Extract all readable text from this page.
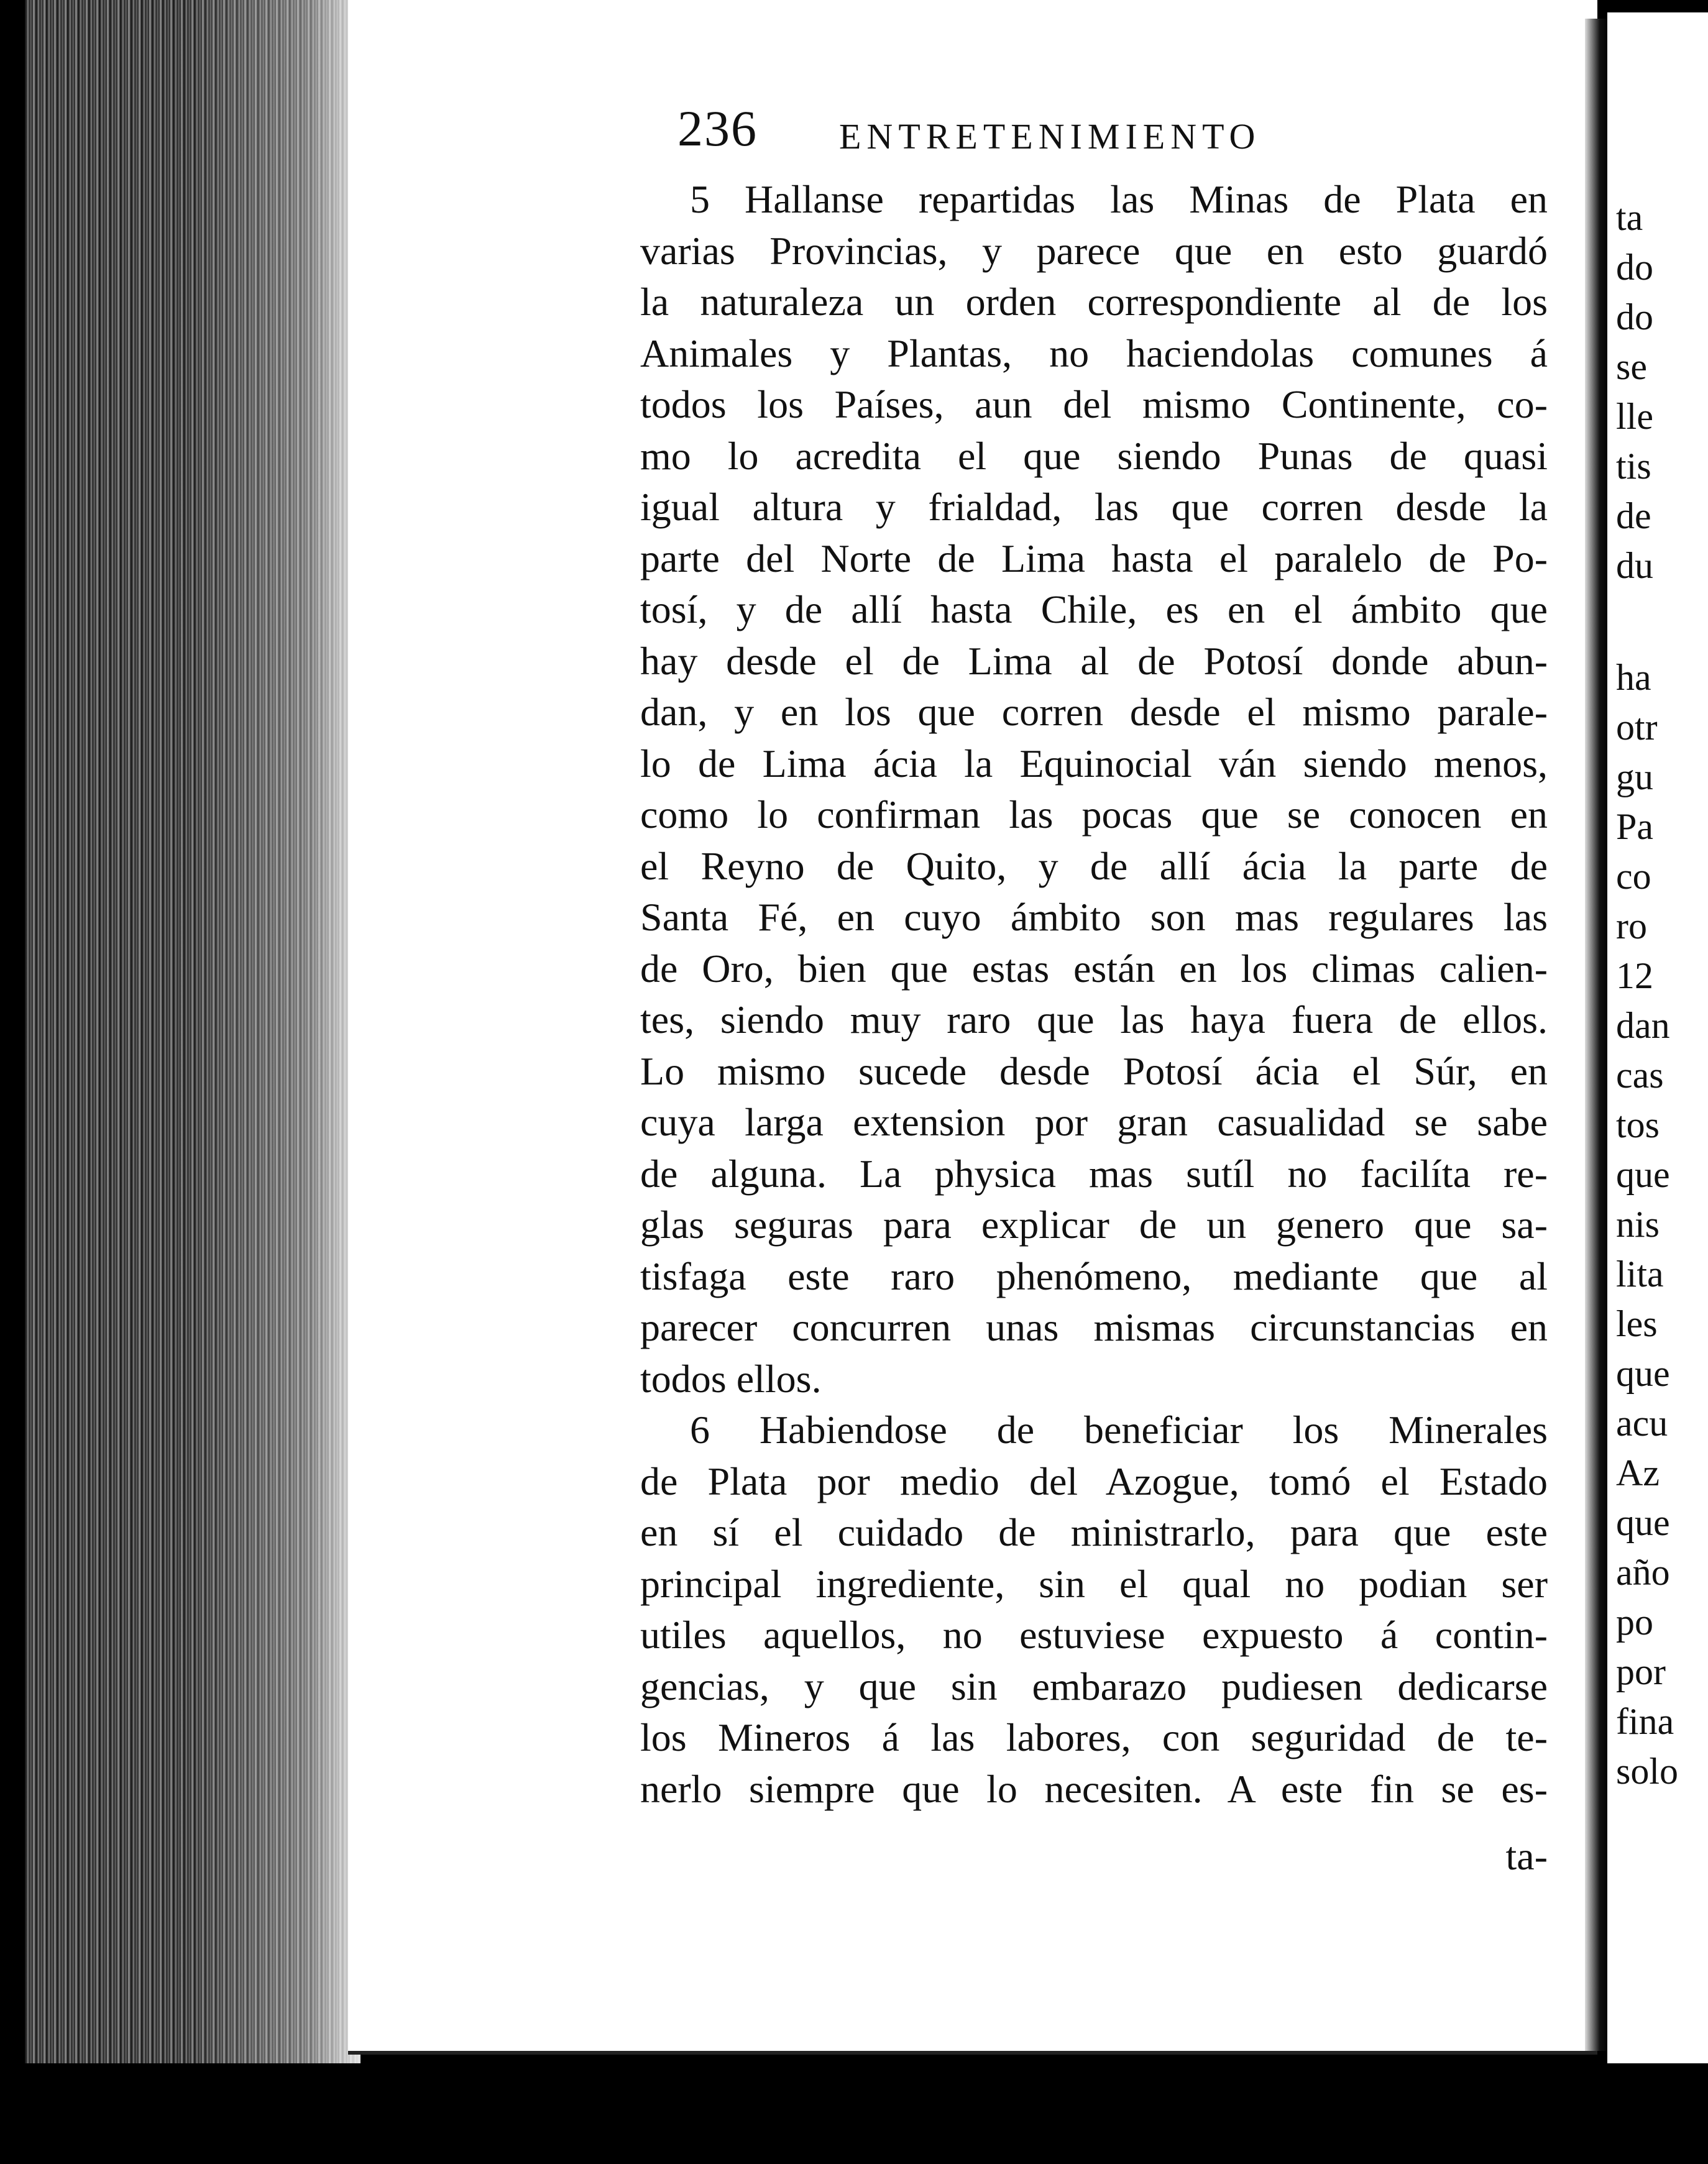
ta
do
do
se
lle
tis
de
du
ha
otr
gu
Pa
co
ro
12
dan
cas
tos
que
nis
lita
les
que
acu
Az
que
año
po
por
fina
solo
236 ENTRETENIMIENTO
5 Hallanse repartidas las Minas de Plata en
varias Provincias, y parece que en esto guardó
la naturaleza un orden correspondiente al de los
Animales y Plantas, no haciendolas comunes á
todos los Países, aun del mismo Continente, co-
mo lo acredita el que siendo Punas de quasi
igual altura y frialdad, las que corren desde la
parte del Norte de Lima hasta el paralelo de Po-
tosí, y de allí hasta Chile, es en el ámbito que
hay desde el de Lima al de Potosí donde abun-
dan, y en los que corren desde el mismo parale-
lo de Lima ácia la Equinocial ván siendo menos,
como lo confirman las pocas que se conocen en
el Reyno de Quito, y de allí ácia la parte de
Santa Fé, en cuyo ámbito son mas regulares las
de Oro, bien que estas están en los climas calien-
tes, siendo muy raro que las haya fuera de ellos.
Lo mismo sucede desde Potosí ácia el Súr, en
cuya larga extension por gran casualidad se sabe
de alguna. La physica mas sutíl no facilíta re-
glas seguras para explicar de un genero que sa-
tisfaga este raro phenómeno, mediante que al
parecer concurren unas mismas circunstancias en
todos ellos.
6 Habiendose de beneficiar los Minerales
de Plata por medio del Azogue, tomó el Estado
en sí el cuidado de ministrarlo, para que este
principal ingrediente, sin el qual no podian ser
utiles aquellos, no estuviese expuesto á contin-
gencias, y que sin embarazo pudiesen dedicarse
los Mineros á las labores, con seguridad de te-
nerlo siempre que lo necesiten. A este fin se es-
ta-
